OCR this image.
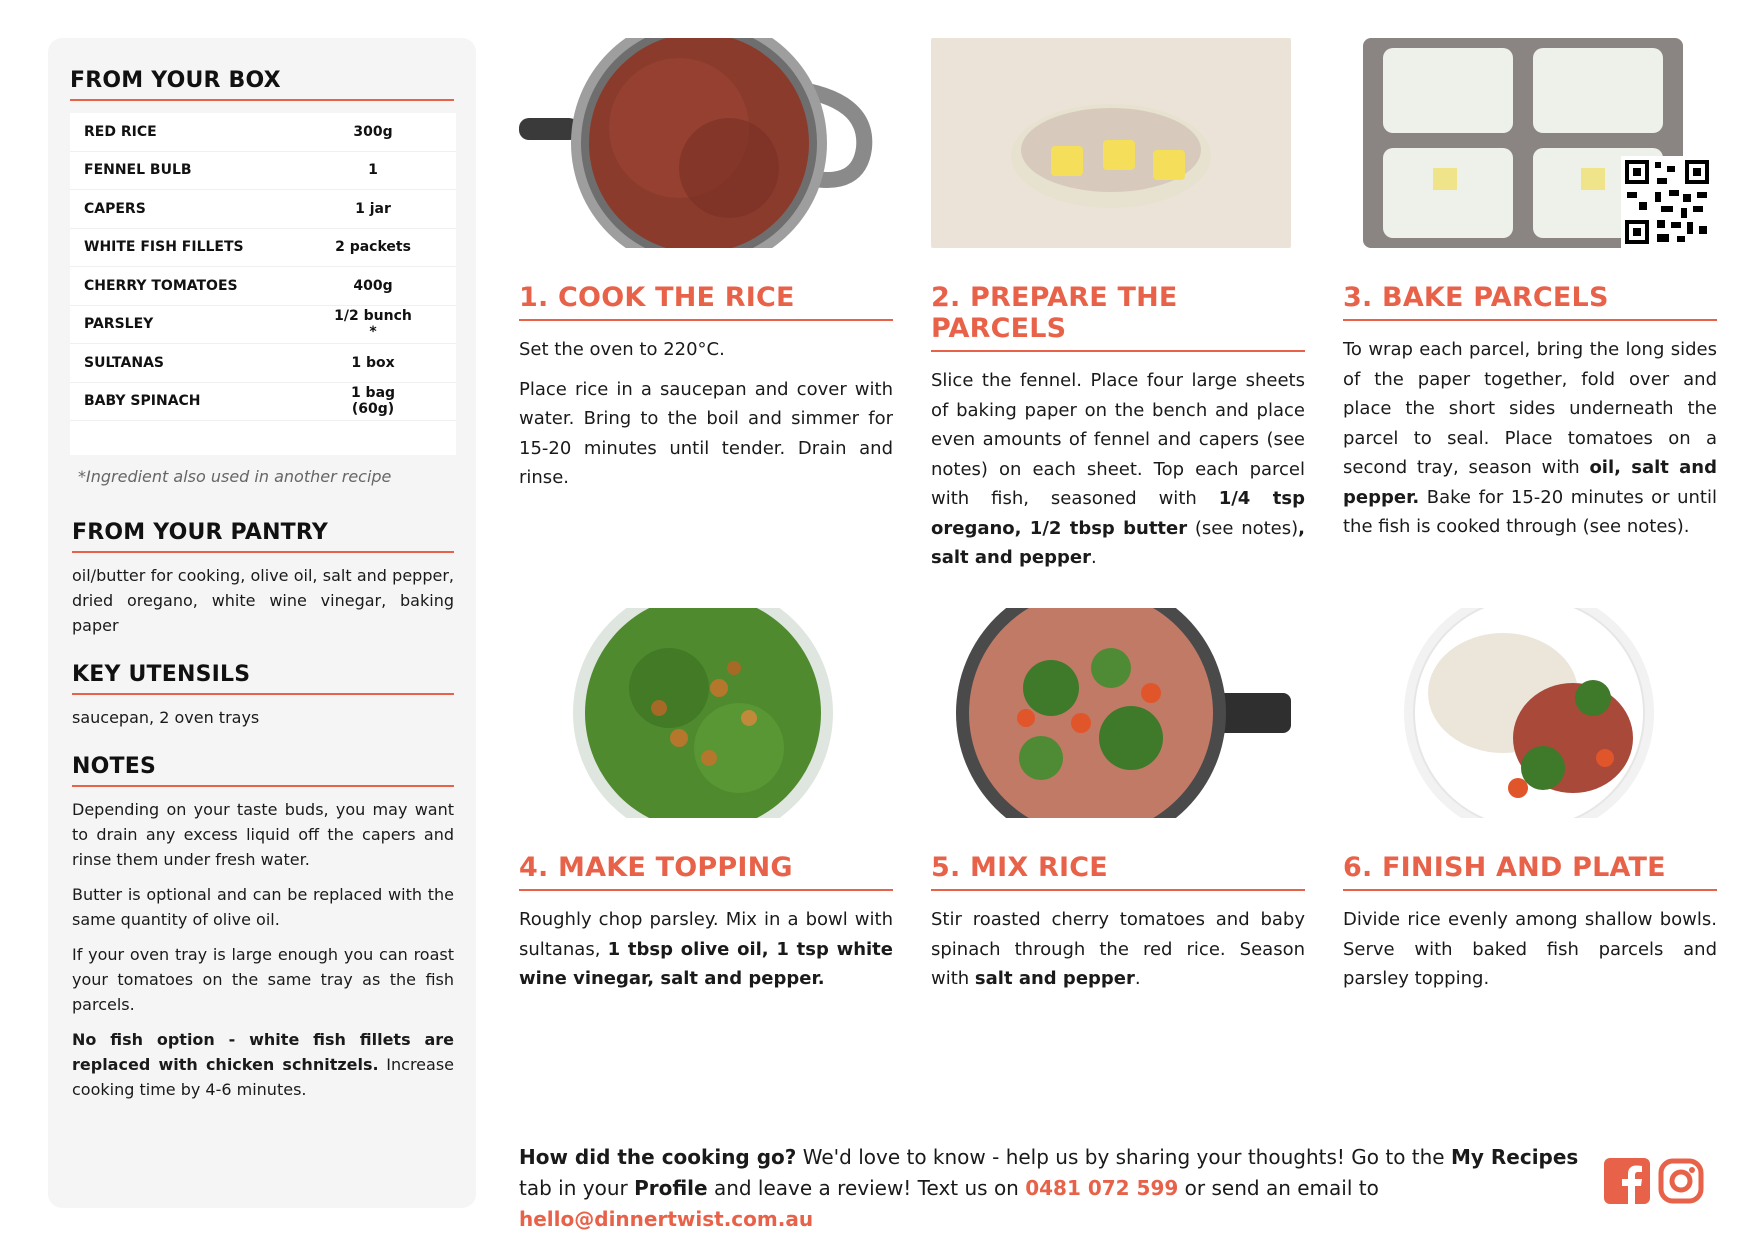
FROM YOUR BOX
RED RICE	300g
FENNEL BULB	1
CAPERS	1 jar
WHITE FISH FILLETS	2 packets
CHERRY TOMATOES	400g
PARSLEY	1/2 bunch *
SULTANAS	1 box
BABY SPINACH	1 bag (60g)
*Ingredient also used in another recipe
FROM YOUR PANTRY

oil/butter for cooking, olive oil, salt and pepper, dried oregano, white wine vinegar, baking paper

KEY UTENSILS

saucepan, 2 oven trays

NOTES

Depending on your taste buds, you may want to drain any excess liquid off the capers and rinse them under fresh water.

Butter is optional and can be replaced with the same quantity of olive oil.

If your oven tray is large enough you can roast your tomatoes on the same tray as the fish parcels.

No fish option - white fish fillets are replaced with chicken schnitzels. Increase cooking time by 4-6 minutes.

1. COOK THE RICE

Set the oven to 220°C.

Place rice in a saucepan and cover with water. Bring to the boil and simmer for 15-20 minutes until tender. Drain and rinse.

2. PREPARE THE PARCELS

Slice the fennel. Place four large sheets of baking paper on the bench and place even amounts of fennel and capers (see notes) on each sheet. Top each parcel with fish, seasoned with 1/4 tsp oregano, 1/2 tbsp butter (see notes), salt and pepper.

3. BAKE PARCELS

To wrap each parcel, bring the long sides of the paper together, fold over and place the short sides underneath the parcel to seal. Place tomatoes on a second tray, season with oil, salt and pepper. Bake for 15-20 minutes or until the fish is cooked through (see notes).

4. MAKE TOPPING

Roughly chop parsley. Mix in a bowl with sultanas, 1 tbsp olive oil, 1 tsp white wine vinegar, salt and pepper.

5. MIX RICE

Stir roasted cherry tomatoes and baby spinach through the red rice. Season with salt and pepper.

6. FINISH AND PLATE

Divide rice evenly among shallow bowls. Serve with baked fish parcels and parsley topping.

How did the cooking go? We'd love to know - help us by sharing your thoughts! Go to the My Recipes tab in your Profile and leave a review! Text us on 0481 072 599 or send an email to hello@dinnertwist.com.au
